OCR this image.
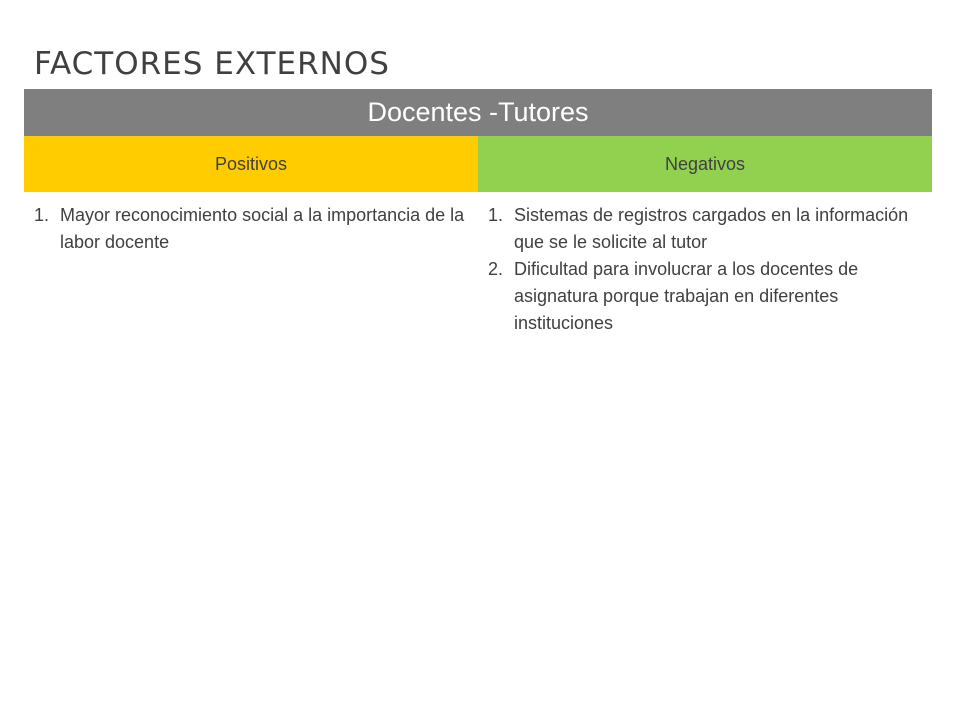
FACTORES EXTERNOS
Docentes -Tutores
Positivos	Negativos
1. Mayor reconocimiento social a la importancia de la labor docente
1. Sistemas de registros cargados en la información que se le solicite al tutor
2. Dificultad para involucrar a los docentes de asignatura porque trabajan en diferentes instituciones
